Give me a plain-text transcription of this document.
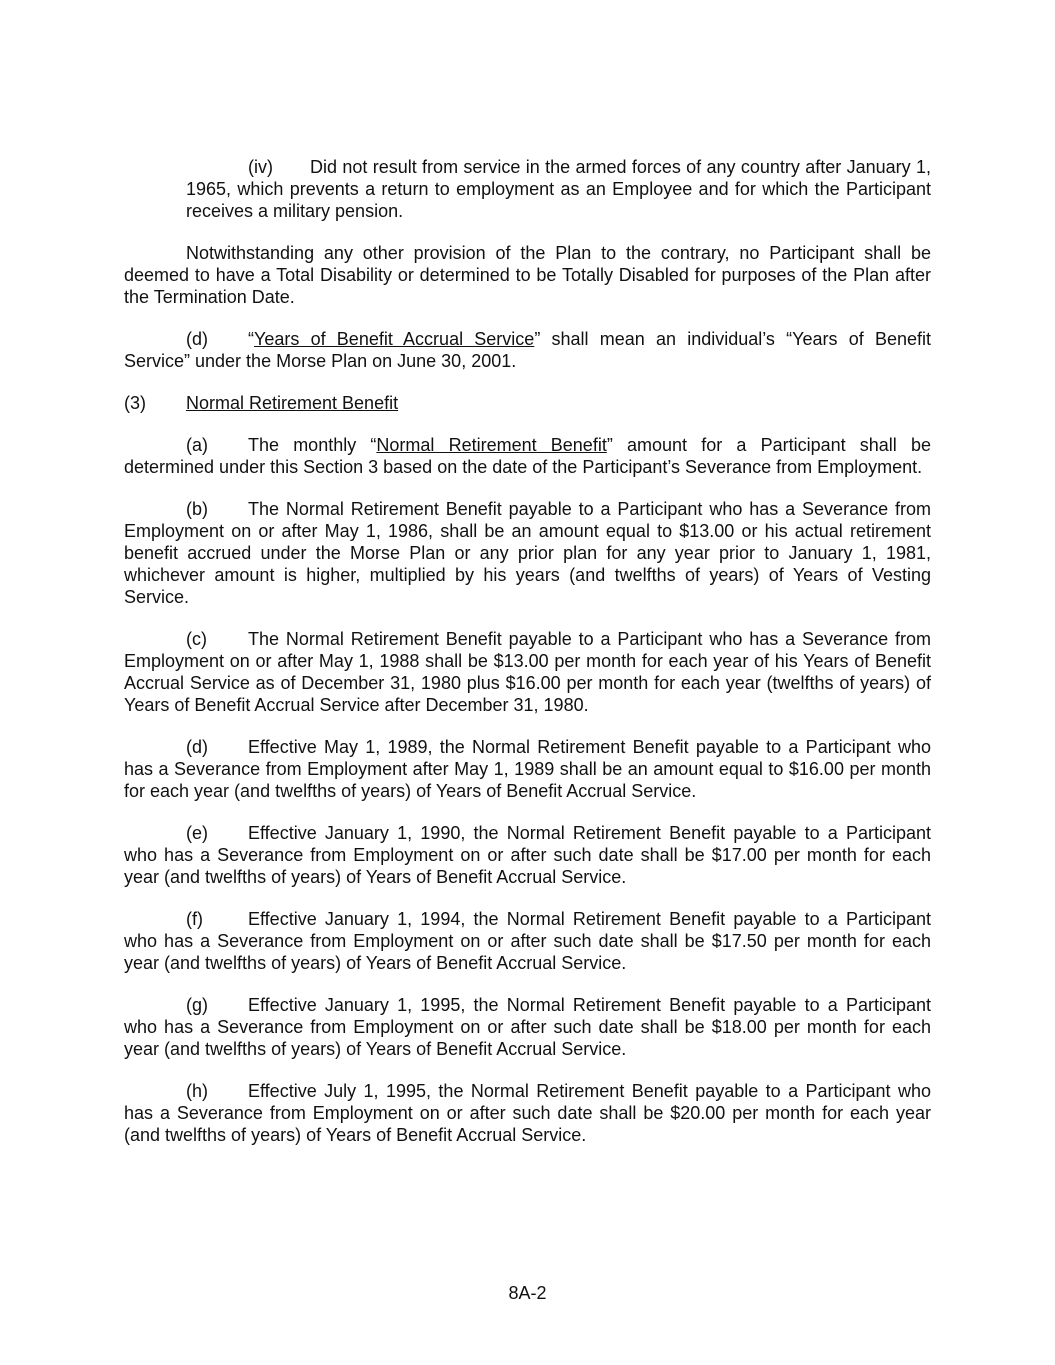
(iv) Did not result from service in the armed forces of any country after January 1, 1965, which prevents a return to employment as an Employee and for which the Participant receives a military pension.

Notwithstanding any other provision of the Plan to the contrary, no Participant shall be deemed to have a Total Disability or determined to be Totally Disabled for purposes of the Plan after the Termination Date.

(d) “Years of Benefit Accrual Service” shall mean an individual’s “Years of Benefit Service” under the Morse Plan on June 30, 2001.

(3) Normal Retirement Benefit

(a) The monthly “Normal Retirement Benefit” amount for a Participant shall be determined under this Section 3 based on the date of the Participant’s Severance from Employment.

(b) The Normal Retirement Benefit payable to a Participant who has a Severance from Employment on or after May 1, 1986, shall be an amount equal to $13.00 or his actual retirement benefit accrued under the Morse Plan or any prior plan for any year prior to January 1, 1981, whichever amount is higher, multiplied by his years (and twelfths of years) of Years of Vesting Service.

(c) The Normal Retirement Benefit payable to a Participant who has a Severance from Employment on or after May 1, 1988 shall be $13.00 per month for each year of his Years of Benefit Accrual Service as of December 31, 1980 plus $16.00 per month for each year (twelfths of years) of Years of Benefit Accrual Service after December 31, 1980.

(d) Effective May 1, 1989, the Normal Retirement Benefit payable to a Participant who has a Severance from Employment after May 1, 1989 shall be an amount equal to $16.00 per month for each year (and twelfths of years) of Years of Benefit Accrual Service.

(e) Effective January 1, 1990, the Normal Retirement Benefit payable to a Participant who has a Severance from Employment on or after such date shall be $17.00 per month for each year (and twelfths of years) of Years of Benefit Accrual Service.

(f)	Effective January 1, 1994, the Normal Retirement Benefit payable to a Participant who has a Severance from Employment on or after such date shall be $17.50 per month for each year (and twelfths of years) of Years of Benefit Accrual Service.

(g) Effective January 1, 1995, the Normal Retirement Benefit payable to a Participant who has a Severance from Employment on or after such date shall be $18.00 per month for each year (and twelfths of years) of Years of Benefit Accrual Service.

(h) Effective July 1, 1995, the Normal Retirement Benefit payable to a Participant who has a Severance from Employment on or after such date shall be $20.00 per month for each year (and twelfths of years) of Years of Benefit Accrual Service.

8A-2
